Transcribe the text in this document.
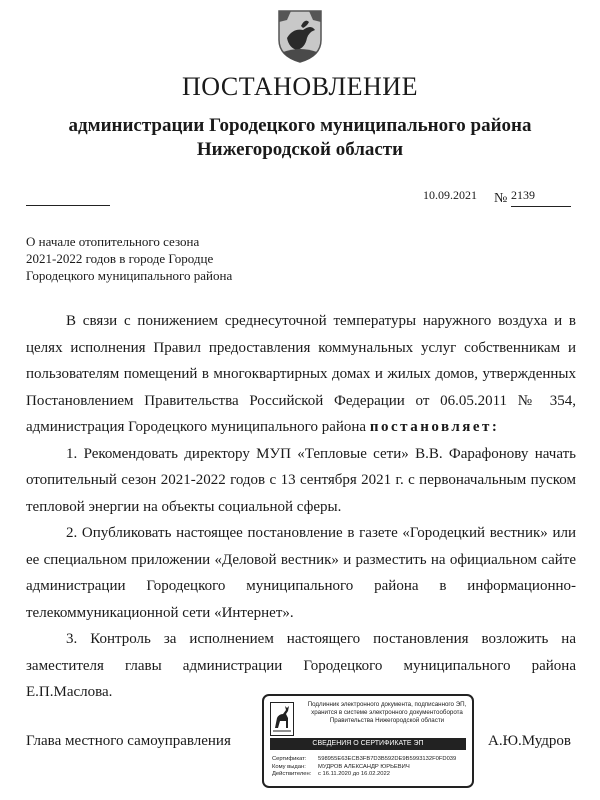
ПОСТАНОВЛЕНИЕ
администрации Городецкого муниципального района
Нижегородской области
10.09.2021 № 2139
О начале отопительного сезона
2021-2022 годов в городе Городце
Городецкого муниципального района

В связи с понижением среднесуточной температуры наружного воздуха и в целях исполнения Правил предоставления коммунальных услуг собственникам и пользователям помещений в многоквартирных домах и жилых домов, утвержденных Постановлением Правительства Российской Федерации от 06.05.2011 № 354, администрация Городецкого муниципального района постановляет:

1. Рекомендовать директору МУП «Тепловые сети» В.В. Фарафонову начать отопительный сезон 2021-2022 годов с 13 сентября 2021 г. с первоначальным пуском тепловой энергии на объекты социальной сферы.

2. Опубликовать настоящее постановление в газете «Городецкий вестник» или ее специальном приложении «Деловой вестник» и разместить на официальном сайте администрации Городецкого муниципального района в информационно-телекоммуникационной сети «Интернет».

3. Контроль за исполнением настоящего постановления возложить на заместителя главы администрации Городецкого муниципального района Е.П.Маслова.

Глава местного самоуправления	А.Ю.Мудров
Подлинник электронного документа, подписанного ЭП,
хранится в системе электронного документооборота
Правительства Нижегородской области
СВЕДЕНИЯ О СЕРТИФИКАТЕ ЭП
Сертификат: 598955E63ECB3FB7D3B592DE9B5993132F0FD039
Кому выдан: МУДРОВ АЛЕКСАНДР ЮРЬЕВИЧ
Действителен: с 16.11.2020 до 16.02.2022
